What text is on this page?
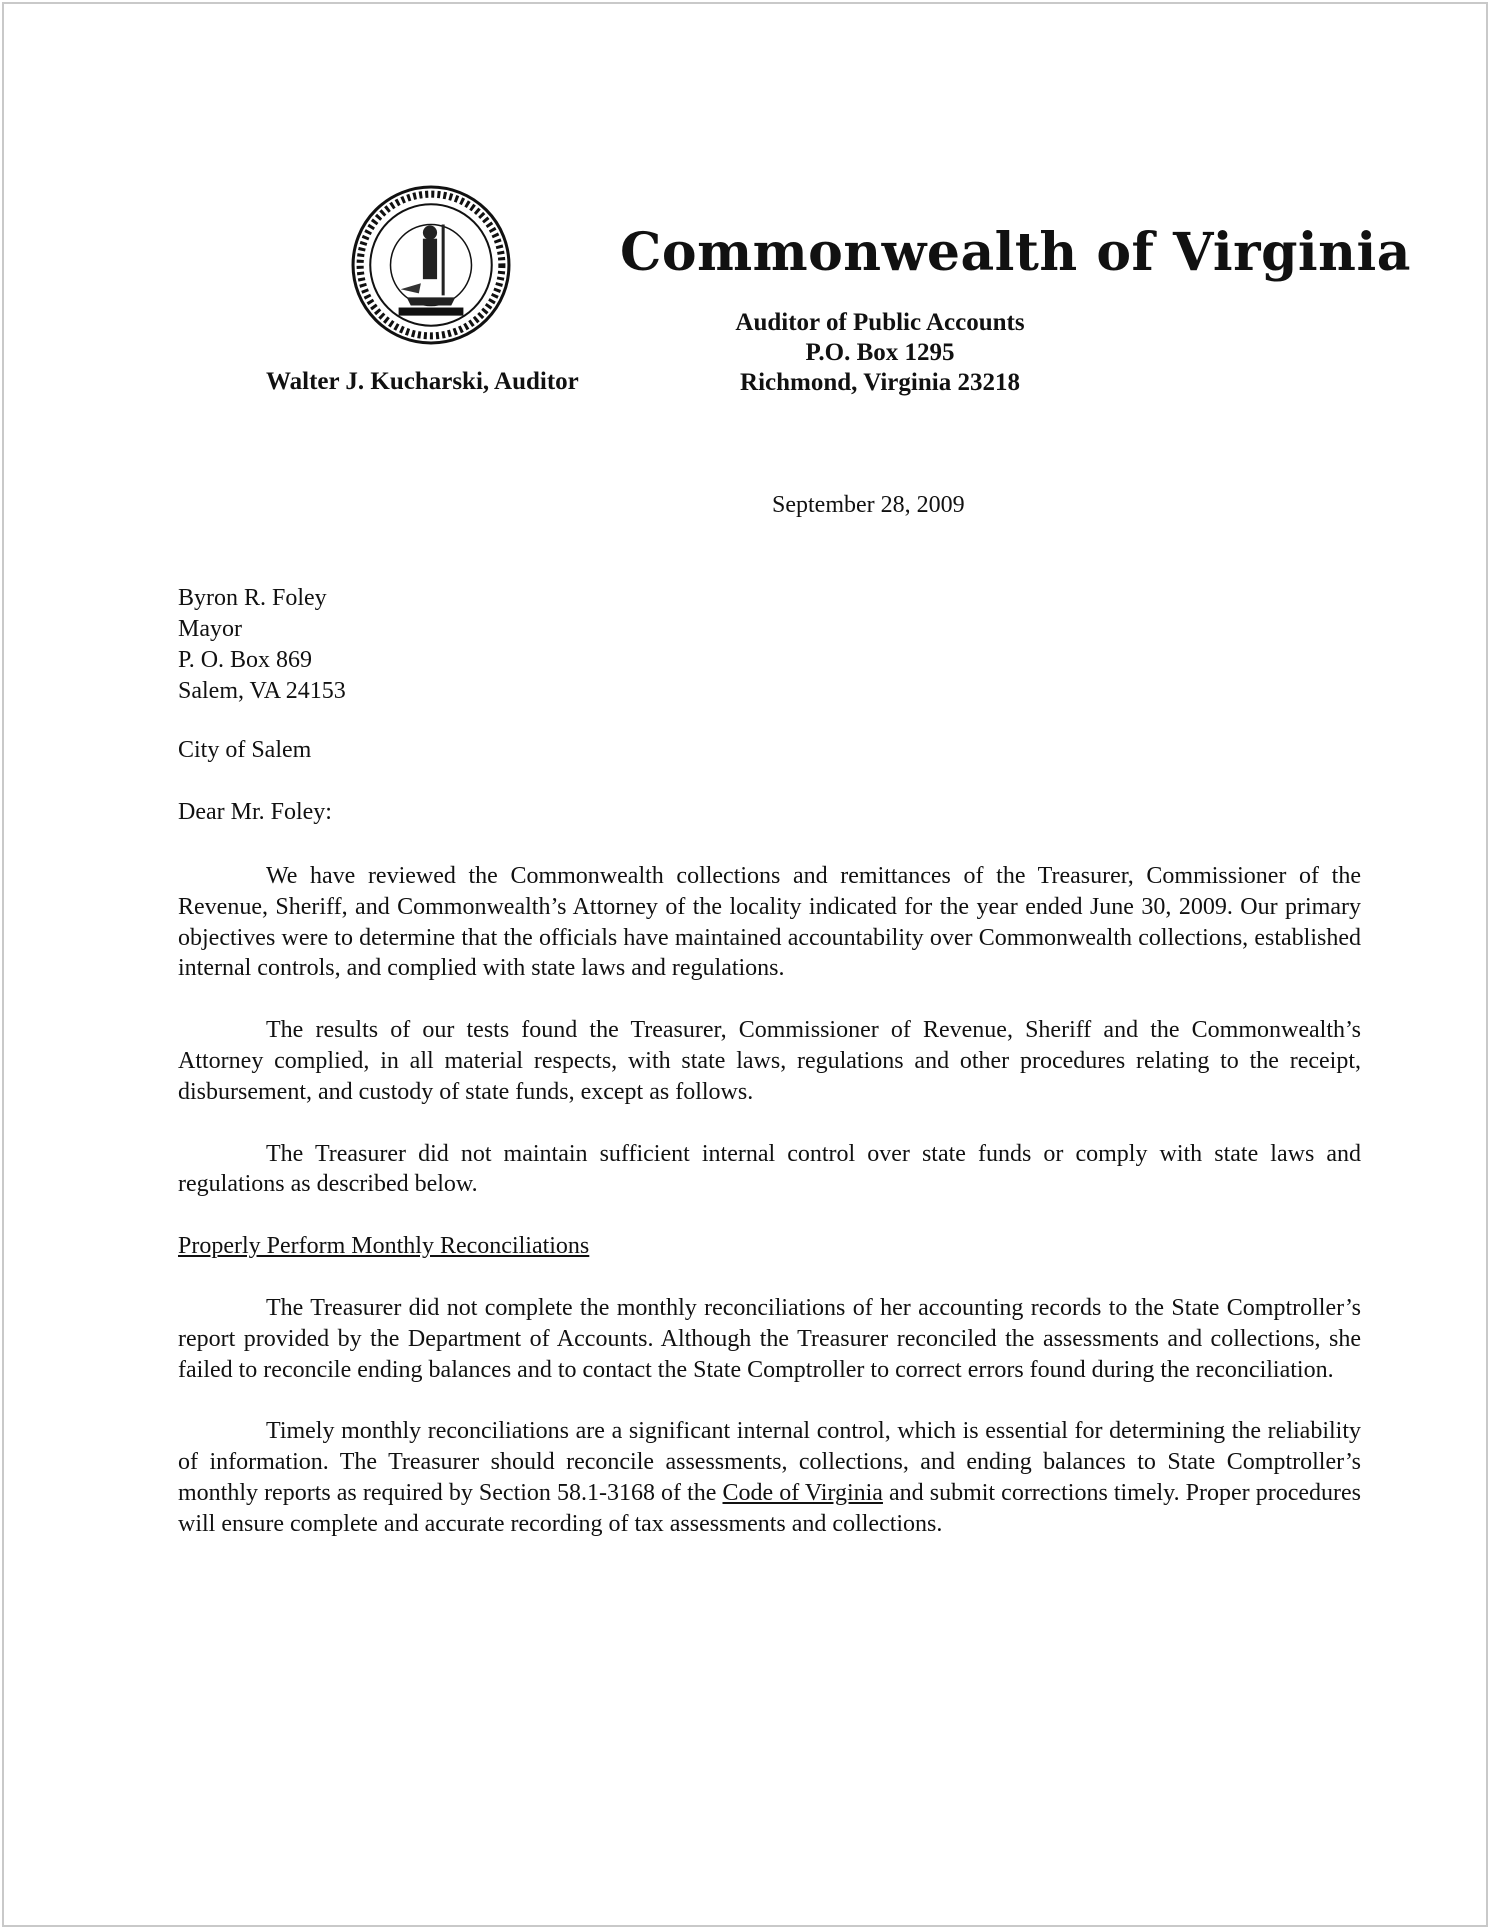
Commonwealth of Virginia
Auditor of Public Accounts
P.O. Box 1295
Richmond, Virginia 23218
Walter J. Kucharski, Auditor
September 28, 2009
Byron R. Foley
Mayor
P. O. Box 869
Salem, VA 24153
City of Salem
Dear Mr. Foley:

We have reviewed the Commonwealth collections and remittances of the Treasurer, Commissioner of the Revenue, Sheriff, and Commonwealth’s Attorney of the locality indicated for the year ended June 30, 2009. Our primary objectives were to determine that the officials have maintained accountability over Commonwealth collections, established internal controls, and complied with state laws and regulations.

The results of our tests found the Treasurer, Commissioner of Revenue, Sheriff and the Commonwealth’s Attorney complied, in all material respects, with state laws, regulations and other procedures relating to the receipt, disbursement, and custody of state funds, except as follows.

The Treasurer did not maintain sufficient internal control over state funds or comply with state laws and regulations as described below.

Properly Perform Monthly Reconciliations

The Treasurer did not complete the monthly reconciliations of her accounting records to the State Comptroller’s report provided by the Department of Accounts. Although the Treasurer reconciled the assessments and collections, she failed to reconcile ending balances and to contact the State Comptroller to correct errors found during the reconciliation.

Timely monthly reconciliations are a significant internal control, which is essential for determining the reliability of information. The Treasurer should reconcile assessments, collections, and ending balances to State Comptroller’s monthly reports as required by Section 58.1-3168 of the Code of Virginia and submit corrections timely. Proper procedures will ensure complete and accurate recording of tax assessments and collections.
